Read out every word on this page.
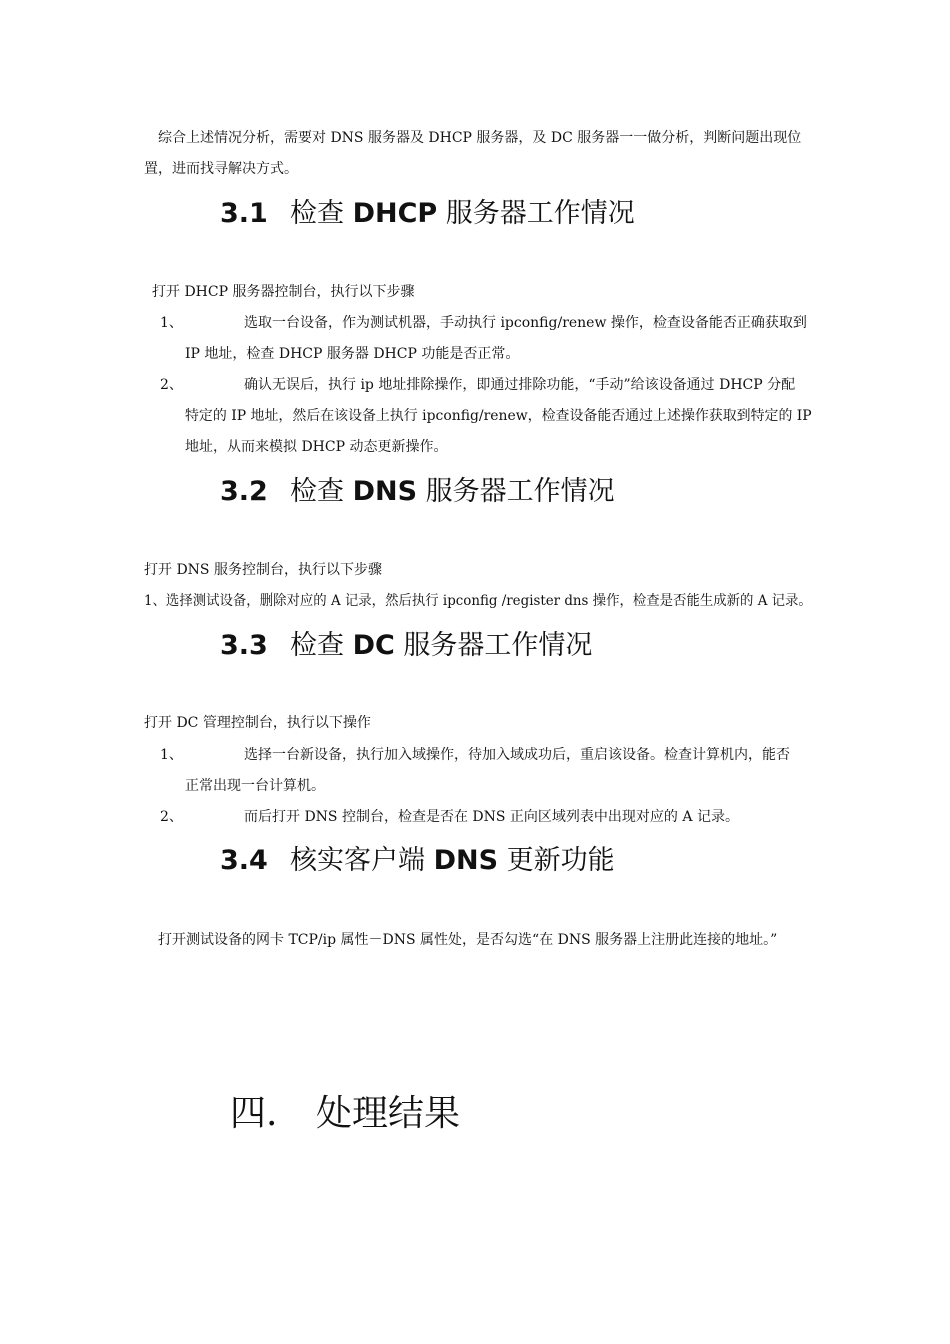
综合上述情况分析，需要对 DNS 服务器及 DHCP 服务器，及 DC 服务器一一做分析，判断问题出现位
置，进而找寻解决方式。
3.1 检查 DHCP 服务器工作情况
打开 DHCP 服务器控制台，执行以下步骤
1、	选取一台设备，作为测试机器，手动执行 ipconfig/renew 操作，检查设备能否正确获取到
IP 地址，检查 DHCP 服务器 DHCP 功能是否正常。
2、	确认无误后，执行 ip 地址排除操作，即通过排除功能，“手动”给该设备通过 DHCP 分配
特定的 IP 地址，然后在该设备上执行 ipconfig/renew，检查设备能否通过上述操作获取到特定的 IP
地址，从而来模拟 DHCP 动态更新操作。
3.2 检查 DNS 服务器工作情况
打开 DNS 服务控制台，执行以下步骤
1、选择测试设备，删除对应的 A 记录，然后执行 ipconfig /register dns 操作，检查是否能生成新的 A 记录。
3.3 检查 DC 服务器工作情况
打开 DC 管理控制台，执行以下操作
1、	选择一台新设备，执行加入域操作，待加入域成功后，重启该设备。检查计算机内，能否
正常出现一台计算机。
2、	而后打开 DNS 控制台，检查是否在 DNS 正向区域列表中出现对应的 A 记录。
3.4 核实客户端 DNS 更新功能
打开测试设备的网卡 TCP/ip 属性－DNS 属性处，是否勾选“在 DNS 服务器上注册此连接的地址。”
四. 处理结果
